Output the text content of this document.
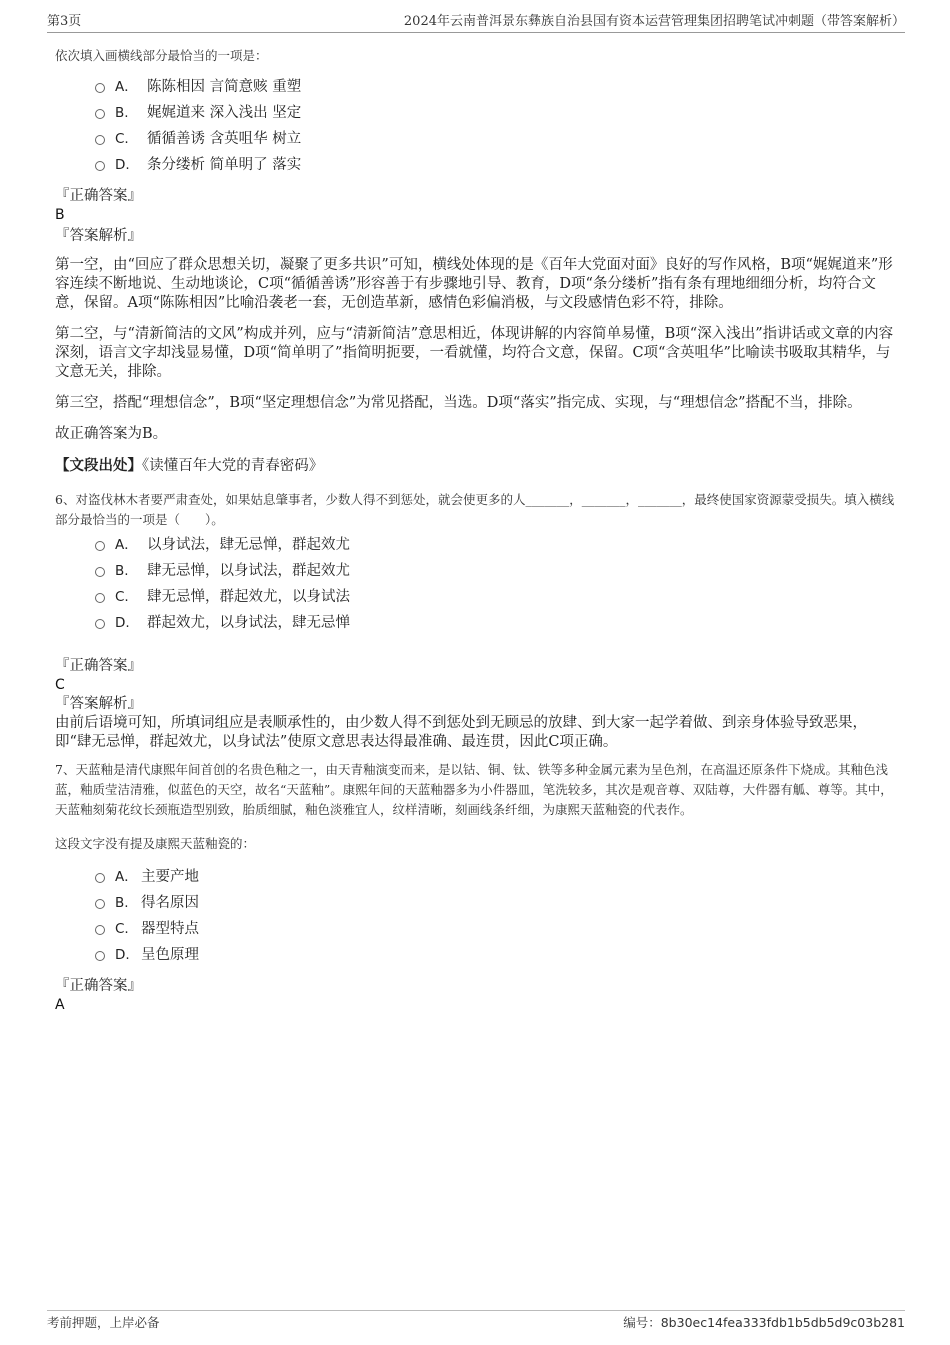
第3页	2024年云南普洱景东彝族自治县国有资本运营管理集团招聘笔试冲刺题（带答案解析）
依次填入画横线部分最恰当的一项是：
A． 陈陈相因 言简意赅 重塑
B. 娓娓道来 深入浅出 坚定
C. 循循善诱 含英咀华 树立
D. 条分缕析 简单明了 落实
『正确答案』
B
『答案解析』

第一空，由“回应了群众思想关切，凝聚了更多共识”可知，横线处体现的是《百年大党面对面》良好的写作风格，B项“娓娓道来”形容连续不断地说、生动地谈论，C项“循循善诱”形容善于有步骤地引导、教育，D项“条分缕析”指有条有理地细细分析，均符合文意，保留。A项“陈陈相因”比喻沿袭老一套，无创造革新，感情色彩偏消极，与文段感情色彩不符，排除。

第二空，与“清新简洁的文风”构成并列，应与“清新简洁”意思相近，体现讲解的内容简单易懂，B项“深入浅出”指讲话或文章的内容深刻，语言文字却浅显易懂，D项“简单明了”指简明扼要，一看就懂，均符合文意，保留。C项“含英咀华”比喻读书吸取其精华，与文意无关，排除。

第三空，搭配“理想信念”，B项“坚定理想信念”为常见搭配，当选。D项“落实”指完成、实现，与“理想信念”搭配不当，排除。

故正确答案为B。

【文段出处】《读懂百年大党的青春密码》
6、对盗伐林木者要严肃查处，如果姑息肇事者，少数人得不到惩处，就会使更多的人_______，_______，_______，最终使国家资源蒙受损失。填入横线部分最恰当的一项是（　　）。
A． 以身试法，肆无忌惮，群起效尤
B. 肆无忌惮，以身试法，群起效尤
C. 肆无忌惮，群起效尤，以身试法
D. 群起效尤，以身试法，肆无忌惮
『正确答案』
C
『答案解析』

由前后语境可知，所填词组应是表顺承性的，由少数人得不到惩处到无顾忌的放肆、到大家一起学着做、到亲身体验导致恶果，即“肆无忌惮，群起效尤，以身试法”使原文意思表达得最准确、最连贯，因此C项正确。

7、天蓝釉是清代康熙年间首创的名贵色釉之一，由天青釉演变而来，是以钴、铜、钛、铁等多种金属元素为呈色剂，在高温还原条件下烧成。其釉色浅蓝，釉质莹洁清雅，似蓝色的天空，故名“天蓝釉”。康熙年间的天蓝釉器多为小件器皿，笔洗较多，其次是观音尊、双陆尊，大件器有觚、尊等。其中，天蓝釉刻菊花纹长颈瓶造型别致，胎质细腻，釉色淡雅宜人，纹样清晰，刻画线条纤细，为康熙天蓝釉瓷的代表作。
这段文字没有提及康熙天蓝釉瓷的：
A． 主要产地
B. 得名原因
C. 器型特点
D. 呈色原理
『正确答案』
A
考前押题，上岸必备	编号：8b30ec14fea333fdb1b5db5d9c03b281
